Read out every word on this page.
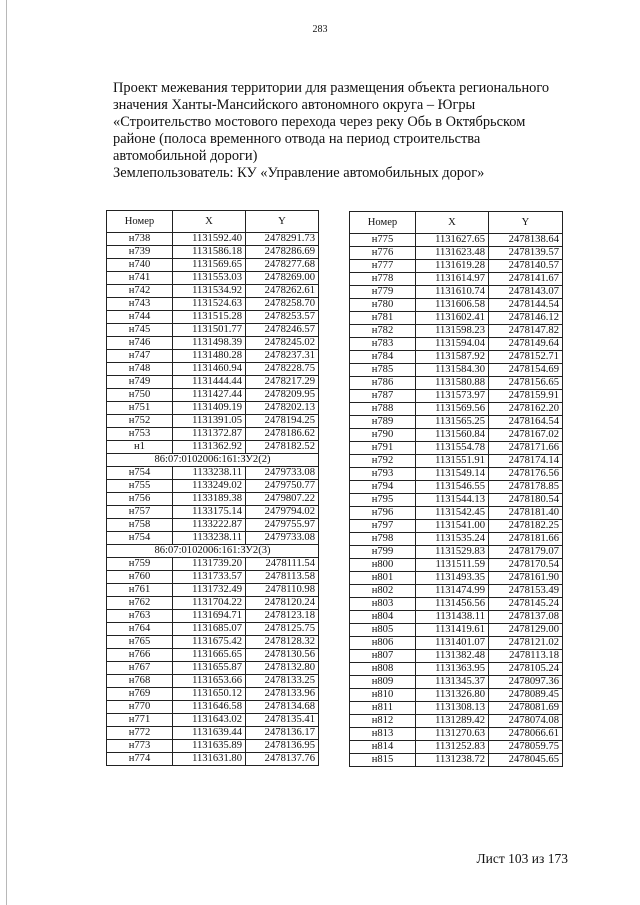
283
Проект межевания территории для размещения объекта регионального
значения Ханты-Мансийского автономного округа – Югры
«Строительство мостового перехода через реку Обь в Октябрьском
районе (полоса временного отвода на период строительства
автомобильной дороги)
Землепользователь: КУ «Управление автомобильных дорог»
Номер	X	Y
н738	1131592.40	2478291.73
н739	1131586.18	2478286.69
н740	1131569.65	2478277.68
н741	1131553.03	2478269.00
н742	1131534.92	2478262.61
н743	1131524.63	2478258.70
н744	1131515.28	2478253.57
н745	1131501.77	2478246.57
н746	1131498.39	2478245.02
н747	1131480.28	2478237.31
н748	1131460.94	2478228.75
н749	1131444.44	2478217.29
н750	1131427.44	2478209.95
н751	1131409.19	2478202.13
н752	1131391.05	2478194.25
н753	1131372.87	2478186.62
н1	1131362.92	2478182.52
86:07:0102006:161:ЗУ2(2)		
н754	1133238.11	2479733.08
н755	1133249.02	2479750.77
н756	1133189.38	2479807.22
н757	1133175.14	2479794.02
н758	1133222.87	2479755.97
н754	1133238.11	2479733.08
86:07:0102006:161:ЗУ2(3)		
н759	1131739.20	2478111.54
н760	1131733.57	2478113.58
н761	1131732.49	2478110.98
н762	1131704.22	2478120.24
н763	1131694.71	2478123.18
н764	1131685.07	2478125.75
н765	1131675.42	2478128.32
н766	1131665.65	2478130.56
н767	1131655.87	2478132.80
н768	1131653.66	2478133.25
н769	1131650.12	2478133.96
н770	1131646.58	2478134.68
н771	1131643.02	2478135.41
н772	1131639.44	2478136.17
н773	1131635.89	2478136.95
н774	1131631.80	2478137.76
Номер	X	Y
н775	1131627.65	2478138.64
н776	1131623.48	2478139.57
н777	1131619.28	2478140.57
н778	1131614.97	2478141.67
н779	1131610.74	2478143.07
н780	1131606.58	2478144.54
н781	1131602.41	2478146.12
н782	1131598.23	2478147.82
н783	1131594.04	2478149.64
н784	1131587.92	2478152.71
н785	1131584.30	2478154.69
н786	1131580.88	2478156.65
н787	1131573.97	2478159.91
н788	1131569.56	2478162.20
н789	1131565.25	2478164.54
н790	1131560.84	2478167.02
н791	1131554.78	2478171.66
н792	1131551.91	2478174.14
н793	1131549.14	2478176.56
н794	1131546.55	2478178.85
н795	1131544.13	2478180.54
н796	1131542.45	2478181.40
н797	1131541.00	2478182.25
н798	1131535.24	2478181.66
н799	1131529.83	2478179.07
н800	1131511.59	2478170.54
н801	1131493.35	2478161.90
н802	1131474.99	2478153.49
н803	1131456.56	2478145.24
н804	1131438.11	2478137.08
н805	1131419.61	2478129.00
н806	1131401.07	2478121.02
н807	1131382.48	2478113.18
н808	1131363.95	2478105.24
н809	1131345.37	2478097.36
н810	1131326.80	2478089.45
н811	1131308.13	2478081.69
н812	1131289.42	2478074.08
н813	1131270.63	2478066.61
н814	1131252.83	2478059.75
н815	1131238.72	2478045.65
Лист 103 из 173
